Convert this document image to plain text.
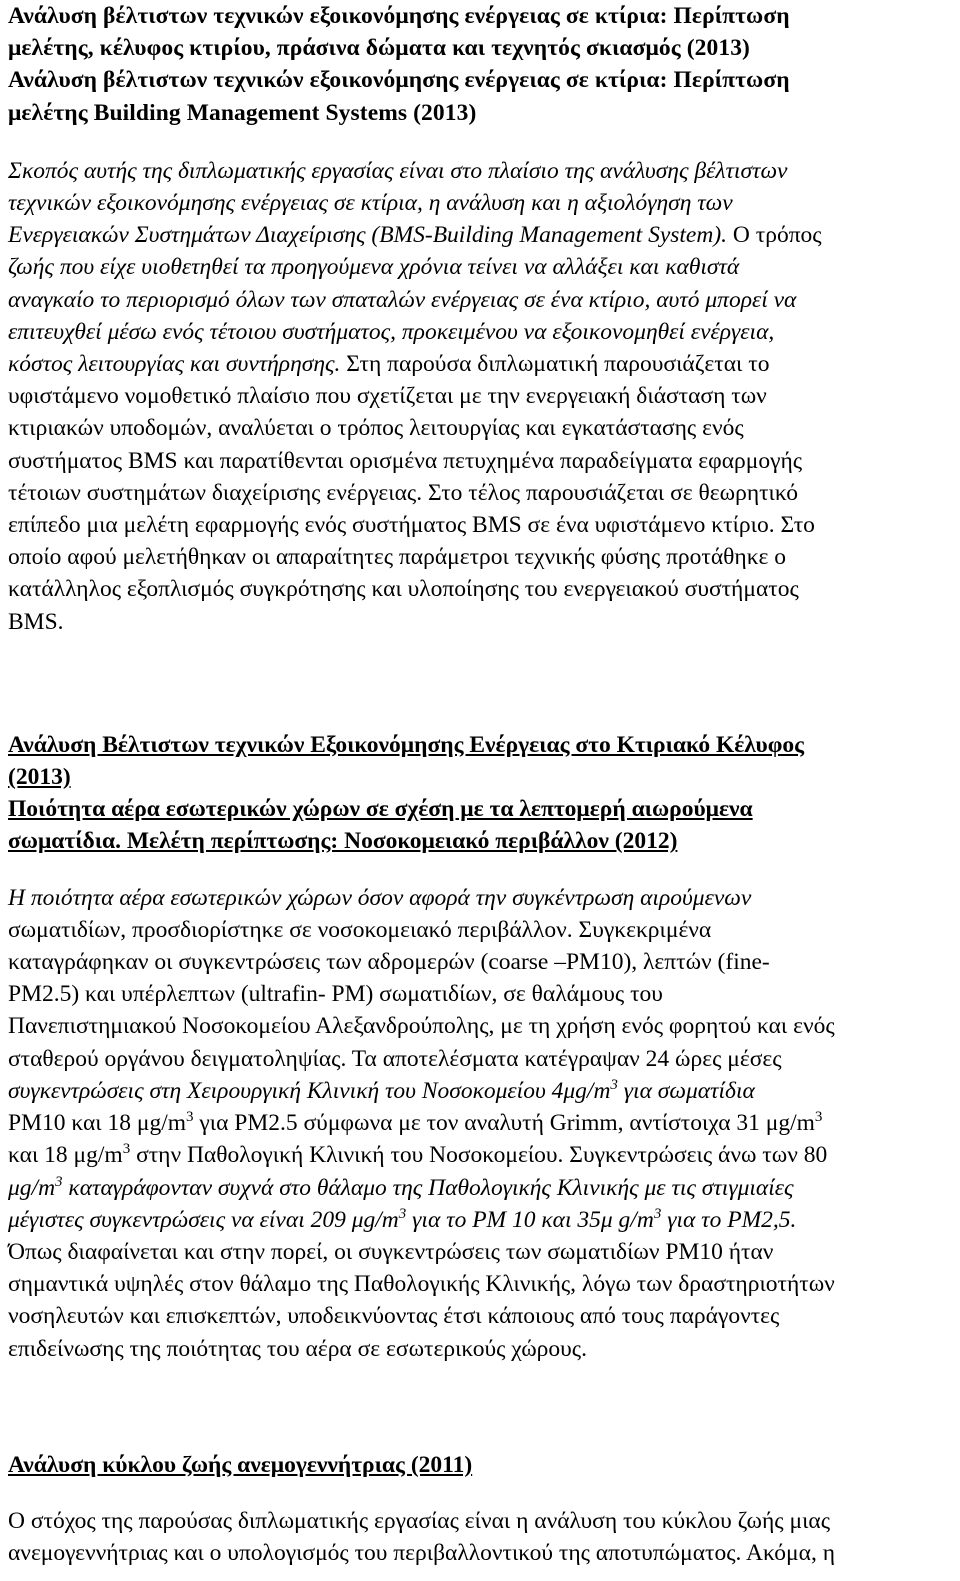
Ανάλυση βέλτιστων τεχνικών εξοικονόμησης ενέργειας σε κτίρια: Περίπτωση
μελέτης, κέλυφος κτιρίου, πράσινα δώματα και τεχνητός σκιασμός (2013)
Ανάλυση βέλτιστων τεχνικών εξοικονόμησης ενέργειας σε κτίρια: Περίπτωση
μελέτης Building Management Systems (2013)
Σκοπός αυτής της διπλωματικής εργασίας είναι στο πλαίσιο της ανάλυσης βέλτιστων
τεχνικών εξοικονόμησης ενέργειας σε κτίρια, η ανάλυση και η αξιολόγηση των
Ενεργειακών Συστημάτων Διαχείρισης (BMS-Building Management System). Ο τρόπος
ζωής που είχε υιοθετηθεί τα προηγούμενα χρόνια τείνει να αλλάξει και καθιστά
αναγκαίο το περιορισμό όλων των σπαταλών ενέργειας σε ένα κτίριο, αυτό μπορεί να
επιτευχθεί μέσω ενός τέτοιου συστήματος, προκειμένου να εξοικονομηθεί ενέργεια,
κόστος λειτουργίας και συντήρησης. Στη παρούσα διπλωματική παρουσιάζεται το
υφιστάμενο νομοθετικό πλαίσιο που σχετίζεται με την ενεργειακή διάσταση των
κτιριακών υποδομών, αναλύεται ο τρόπος λειτουργίας και εγκατάστασης ενός
συστήματος BMS και παρατίθενται ορισμένα πετυχημένα παραδείγματα εφαρμογής
τέτοιων συστημάτων διαχείρισης ενέργειας. Στο τέλος παρουσιάζεται σε θεωρητικό
επίπεδο μια μελέτη εφαρμογής ενός συστήματος BMS σε ένα υφιστάμενο κτίριο. Στο
οποίο αφού μελετήθηκαν οι απαραίτητες παράμετροι τεχνικής φύσης προτάθηκε ο
κατάλληλος εξοπλισμός συγκρότησης και υλοποίησης του ενεργειακού συστήματος
BMS.
Ανάλυση Βέλτιστων τεχνικών Εξοικονόμησης Ενέργειας στο Κτιριακό Κέλυφος
(2013)
Ποιότητα αέρα εσωτερικών χώρων σε σχέση με τα λεπτομερή αιωρούμενα
σωματίδια. Μελέτη περίπτωσης: Νοσοκομειακό περιβάλλον (2012)
Η ποιότητα αέρα εσωτερικών χώρων όσον αφορά την συγκέντρωση αιρούμενων
σωματιδίων, προσδιορίστηκε σε νοσοκομειακό περιβάλλον. Συγκεκριμένα
καταγράφηκαν οι συγκεντρώσεις των αδρομερών (coarse –PM10), λεπτών (fine-
PM2.5) και υπέρλεπτων (ultrafin- PM) σωματιδίων, σε θαλάμους του
Πανεπιστημιακού Νοσοκομείου Αλεξανδρούπολης, με τη χρήση ενός φορητού και ενός
σταθερού οργάνου δειγματοληψίας. Τα αποτελέσματα κατέγραψαν 24 ώρες μέσες
συγκεντρώσεις στη Χειρουργική Κλινική του Νοσοκομείου $4\mu g/m^3$ για σωματίδια
PM10 και 18 $\mu g/m^3$ για PM2.5 σύμφωνα με τον αναλυτή Grimm, αντίστοιχα 31 $\mu g/m^3$
και 18 $\mu g/m^3$ στην Παθολογική Κλινική του Νοσοκομείου. Συγκεντρώσεις άνω των 80
$\mu g/m^3$ καταγράφονταν συχνά στο θάλαμο της Παθολογικής Κλινικής με τις στιγμιαίες
μέγιστες συγκεντρώσεις να είναι 209 $\mu g/m^3$ για το PM 10 και 35μ $g/m^3$ για το PM2,5.
Όπως διαφαίνεται και στην πορεί, οι συγκεντρώσεις των σωματιδίων PM10 ήταν
σημαντικά υψηλές στον θάλαμο της Παθολογικής Κλινικής, λόγω των δραστηριοτήτων
νοσηλευτών και επισκεπτών, υποδεικνύοντας έτσι κάποιους από τους παράγοντες
επιδείνωσης της ποιότητας του αέρα σε εσωτερικούς χώρους.
Ανάλυση κύκλου ζωής ανεμογεννήτριας (2011)
Ο στόχος της παρούσας διπλωματικής εργασίας είναι η ανάλυση του κύκλου ζωής μιας
ανεμογεννήτριας και ο υπολογισμός του περιβαλλοντικού της αποτυπώματος. Ακόμα, η
